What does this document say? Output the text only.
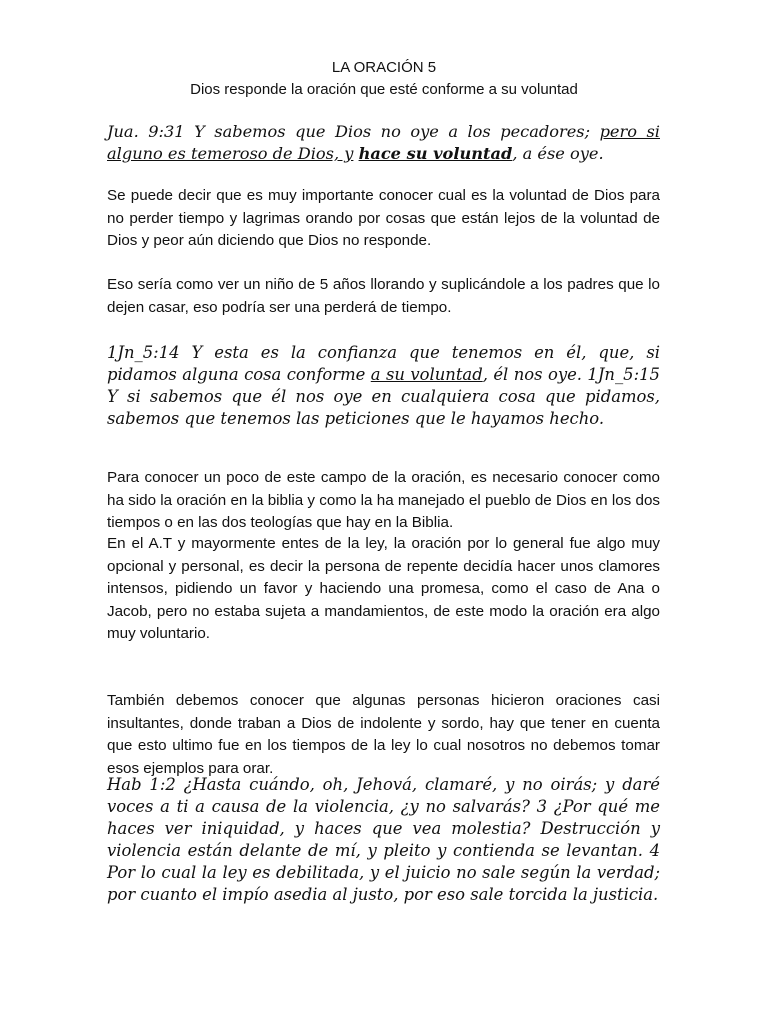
LA ORACIÓN 5
Dios responde la oración que esté conforme a su voluntad
Jua. 9:31 Y sabemos que Dios no oye a los pecadores; pero si alguno es temeroso de Dios, y hace su voluntad, a ése oye.
Se puede decir que es muy importante conocer cual es la voluntad de Dios para no perder tiempo y lagrimas orando por cosas que están lejos de la voluntad de Dios y peor aún diciendo que Dios no responde.
Eso sería como ver un niño de 5 años llorando y suplicándole a los padres que lo dejen casar, eso podría ser una perderá de tiempo.
1Jn_5:14 Y esta es la confianza que tenemos en él, que, si pidamos alguna cosa conforme a su voluntad, él nos oye. 1Jn_5:15 Y si sabemos que él nos oye en cualquiera cosa que pidamos, sabemos que tenemos las peticiones que le hayamos hecho.
Para conocer un poco de este campo de la oración, es necesario conocer como ha sido la oración en la biblia y como la ha manejado el pueblo de Dios en los dos tiempos o en las dos teologías que hay en la Biblia.
En el A.T y mayormente entes de la ley, la oración por lo general fue algo muy opcional y personal, es decir la persona de repente decidía hacer unos clamores intensos, pidiendo un favor y haciendo una promesa, como el caso de Ana o Jacob, pero no estaba sujeta a mandamientos, de este modo la oración era algo muy voluntario.
También debemos conocer que algunas personas hicieron oraciones casi insultantes, donde traban a Dios de indolente y sordo, hay que tener en cuenta que esto ultimo fue en los tiempos de la ley lo cual nosotros no debemos tomar esos ejemplos para orar.
Hab 1:2 ¿Hasta cuándo, oh, Jehová, clamaré, y no oirás; y daré voces a ti a causa de la violencia, ¿y no salvarás? 3 ¿Por qué me haces ver iniquidad, y haces que vea molestia? Destrucción y violencia están delante de mí, y pleito y contienda se levantan. 4 Por lo cual la ley es debilitada, y el juicio no sale según la verdad; por cuanto el impío asedia al justo, por eso sale torcida la justicia.
